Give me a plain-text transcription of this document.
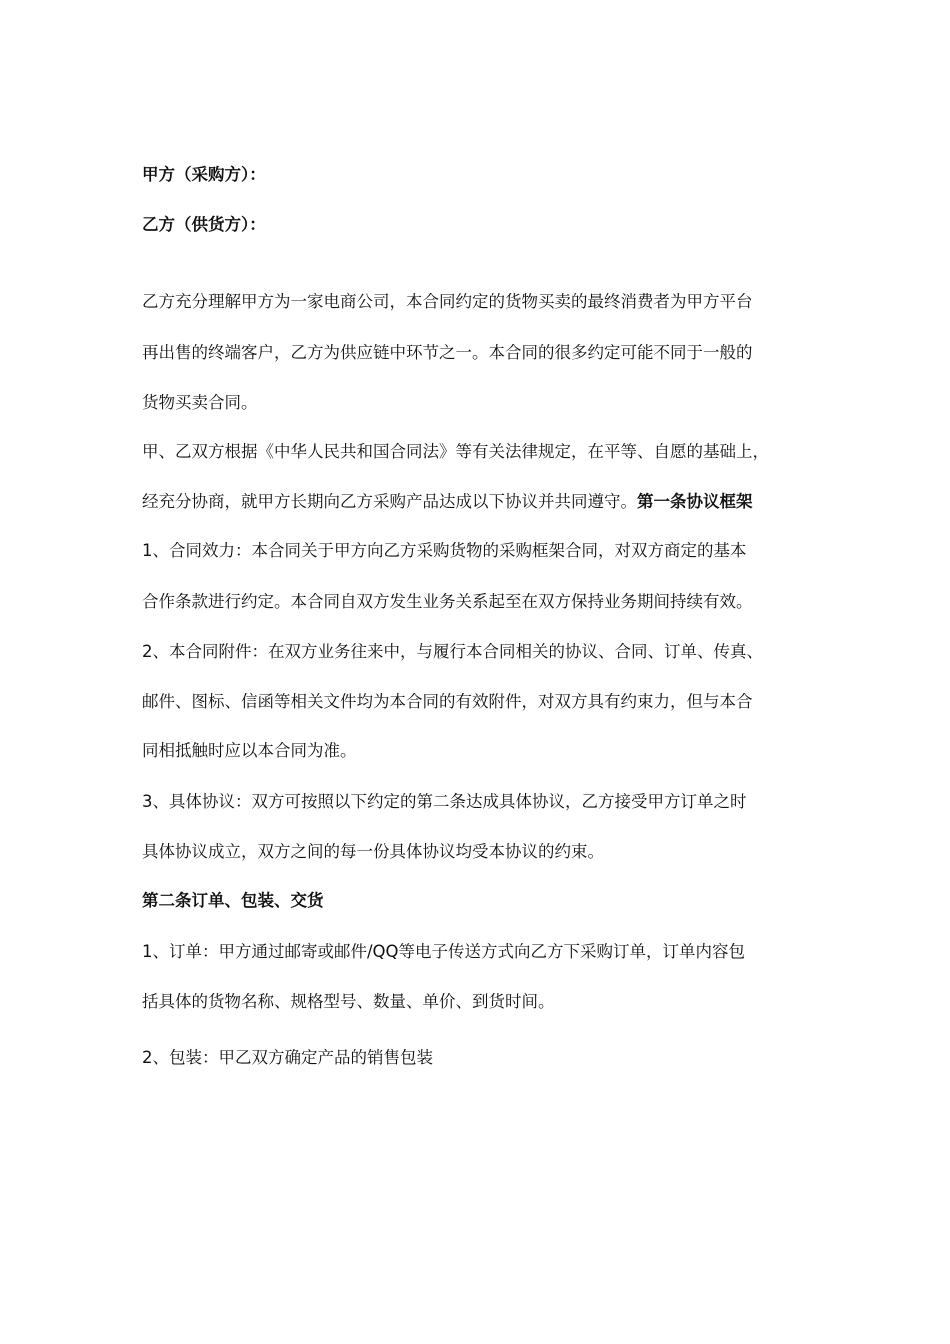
甲方（采购方）：

乙方（供货方）：

乙方充分理解甲方为一家电商公司，本合同约定的货物买卖的最终消费者为甲方平台

再出售的终端客户，乙方为供应链中环节之一。本合同的很多约定可能不同于一般的

货物买卖合同。

甲、乙双方根据《中华人民共和国合同法》等有关法律规定，在平等、自愿的基础上，

经充分协商，就甲方长期向乙方采购产品达成以下协议并共同遵守。第一条协议框架

1、合同效力：本合同关于甲方向乙方采购货物的采购框架合同，对双方商定的基本

合作条款进行约定。本合同自双方发生业务关系起至在双方保持业务期间持续有效。

2、本合同附件：在双方业务往来中，与履行本合同相关的协议、合同、订单、传真、

邮件、图标、信函等相关文件均为本合同的有效附件，对双方具有约束力，但与本合

同相抵触时应以本合同为准。

3、具体协议：双方可按照以下约定的第二条达成具体协议，乙方接受甲方订单之时

具体协议成立，双方之间的每一份具体协议均受本协议的约束。

第二条订单、包装、交货

1、订单：甲方通过邮寄或邮件/QQ等电子传送方式向乙方下采购订单，订单内容包

括具体的货物名称、规格型号、数量、单价、到货时间。

2、包装：甲乙双方确定产品的销售包装
